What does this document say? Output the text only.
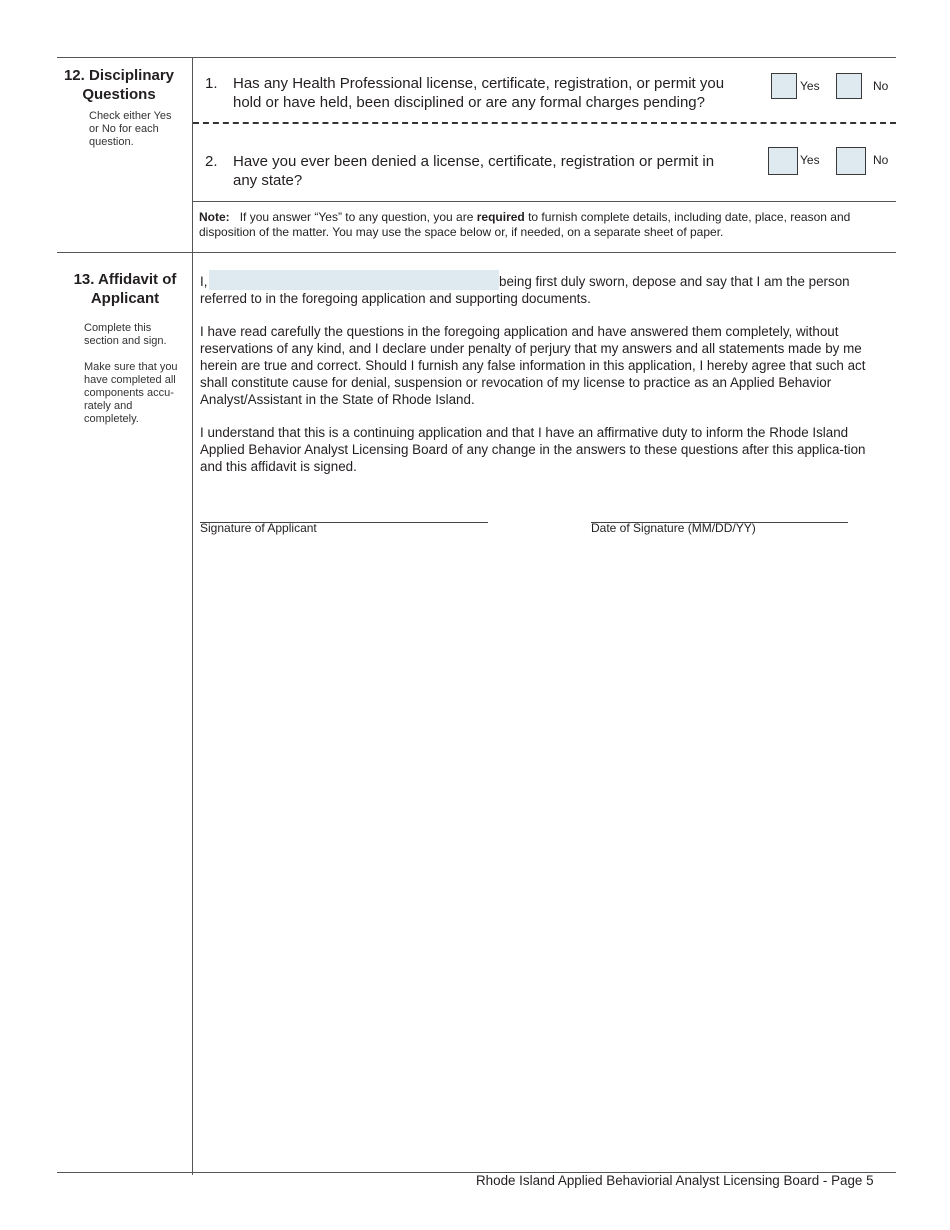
12. Disciplinary
Questions
Check either Yes or No for each question.
1. Has any Health Professional license, certificate, registration, or permit you
hold or have held, been disciplined or are any formal charges pending?
Yes	No
2. Have you ever been denied a license, certificate, registration or permit in
any state?
Yes	No
Note: If you answer “Yes” to any question, you are required to furnish complete details, including date, place, reason and disposition of the matter. You may use the space below or, if needed, on a separate sheet of paper.
13. Affidavit of
Applicant
Complete this section and sign.
Make sure that you have completed all components accu-rately and completely.
I,	being first duly sworn, depose and say that I am the person
referred to in the foregoing application and supporting documents.
I have read carefully the questions in the foregoing application and have answered them completely, without reservations of any kind, and I declare under penalty of perjury that my answers and all statements made by me herein are true and correct. Should I furnish any false information in this application, I hereby agree that such act shall constitute cause for denial, suspension or revocation of my license to practice as an Applied Behavior Analyst/Assistant in the State of Rhode Island.
I understand that this is a continuing application and that I have an affirmative duty to inform the Rhode Island Applied Behavior Analyst Licensing Board of any change in the answers to these questions after this applica-tion and this affidavit is signed.
Signature of Applicant	Date of Signature (MM/DD/YY)
Rhode Island Applied Behaviorial Analyst Licensing Board - Page 5
